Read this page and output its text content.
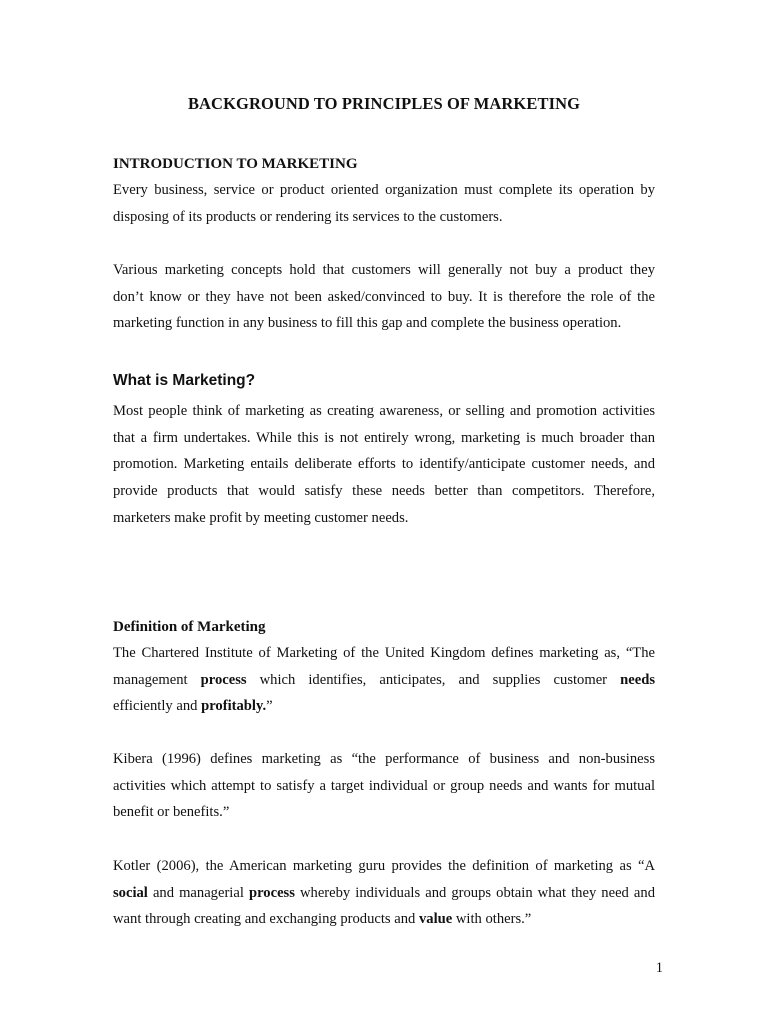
BACKGROUND TO PRINCIPLES OF MARKETING
INTRODUCTION TO MARKETING
Every business, service or product oriented organization must complete its operation by
disposing of its products or rendering its services to the customers.
Various marketing concepts hold that customers will generally not buy a product they
don’t know or they have not been asked/convinced to buy. It is therefore the role of the
marketing function in any business to fill this gap and complete the business operation.
What is Marketing?
Most people think of marketing as creating awareness, or selling and promotion activities
that a firm undertakes. While this is not entirely wrong, marketing is much broader than
promotion. Marketing entails deliberate efforts to identify/anticipate customer needs, and
provide products that would satisfy these needs better than competitors. Therefore,
marketers make profit by meeting customer needs.
Definition of Marketing
The Chartered Institute of Marketing of the United Kingdom defines marketing as, “The
management process which identifies, anticipates, and supplies customer needs
efficiently and profitably.”
Kibera (1996) defines marketing as “the performance of business and non-business
activities which attempt to satisfy a target individual or group needs and wants for mutual
benefit or benefits.”
Kotler (2006), the American marketing guru provides the definition of marketing as “A
social and managerial process whereby individuals and groups obtain what they need and
want through creating and exchanging products and value with others.”
1
